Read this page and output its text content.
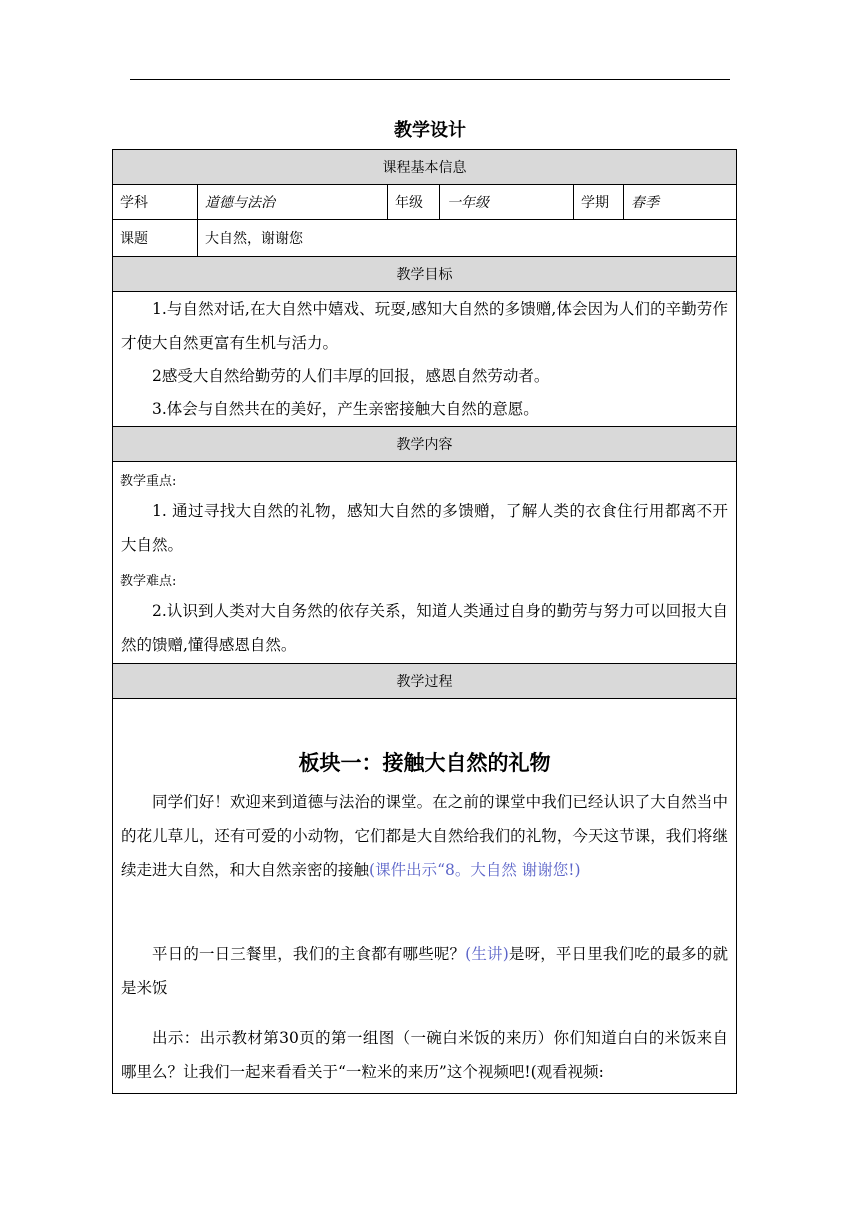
教学设计
课程基本信息
学科	道德与法治	年级	一年级	学期	春季
课题	大自然，谢谢您
教学目标
1.与自然对话,在大自然中嬉戏、玩耍,感知大自然的多馈赠,体会因为人们的辛勤劳作才使大自然更富有生机与活力。
2感受大自然给勤劳的人们丰厚的回报，感恩自然劳动者。
3.体会与自然共在的美好，产生亲密接触大自然的意愿。
教学内容
教学重点:
1. 通过寻找大自然的礼物，感知大自然的多馈赠，了解人类的衣食住行用都离不开大自然。
教学难点:
2.认识到人类对大自务然的依存关系，知道人类通过自身的勤劳与努力可以回报大自然的馈赠,懂得感恩自然。
教学过程
板块一：接触大自然的礼物
同学们好！欢迎来到道德与法治的课堂。在之前的课堂中我们已经认识了大自然当中的花儿草儿，还有可爱的小动物，它们都是大自然给我们的礼物，今天这节课，我们将继续走进大自然，和大自然亲密的接触(课件出示“8。大自然 谢谢您!)
平日的一日三餐里，我们的主食都有哪些呢？(生讲)是呀，平日里我们吃的最多的就是米饭
出示：出示教材第30页的第一组图（一碗白米饭的来历）你们知道白白的米饭来自哪里么？让我们一起来看看关于“一粒米的来历”这个视频吧!(观看视频:
